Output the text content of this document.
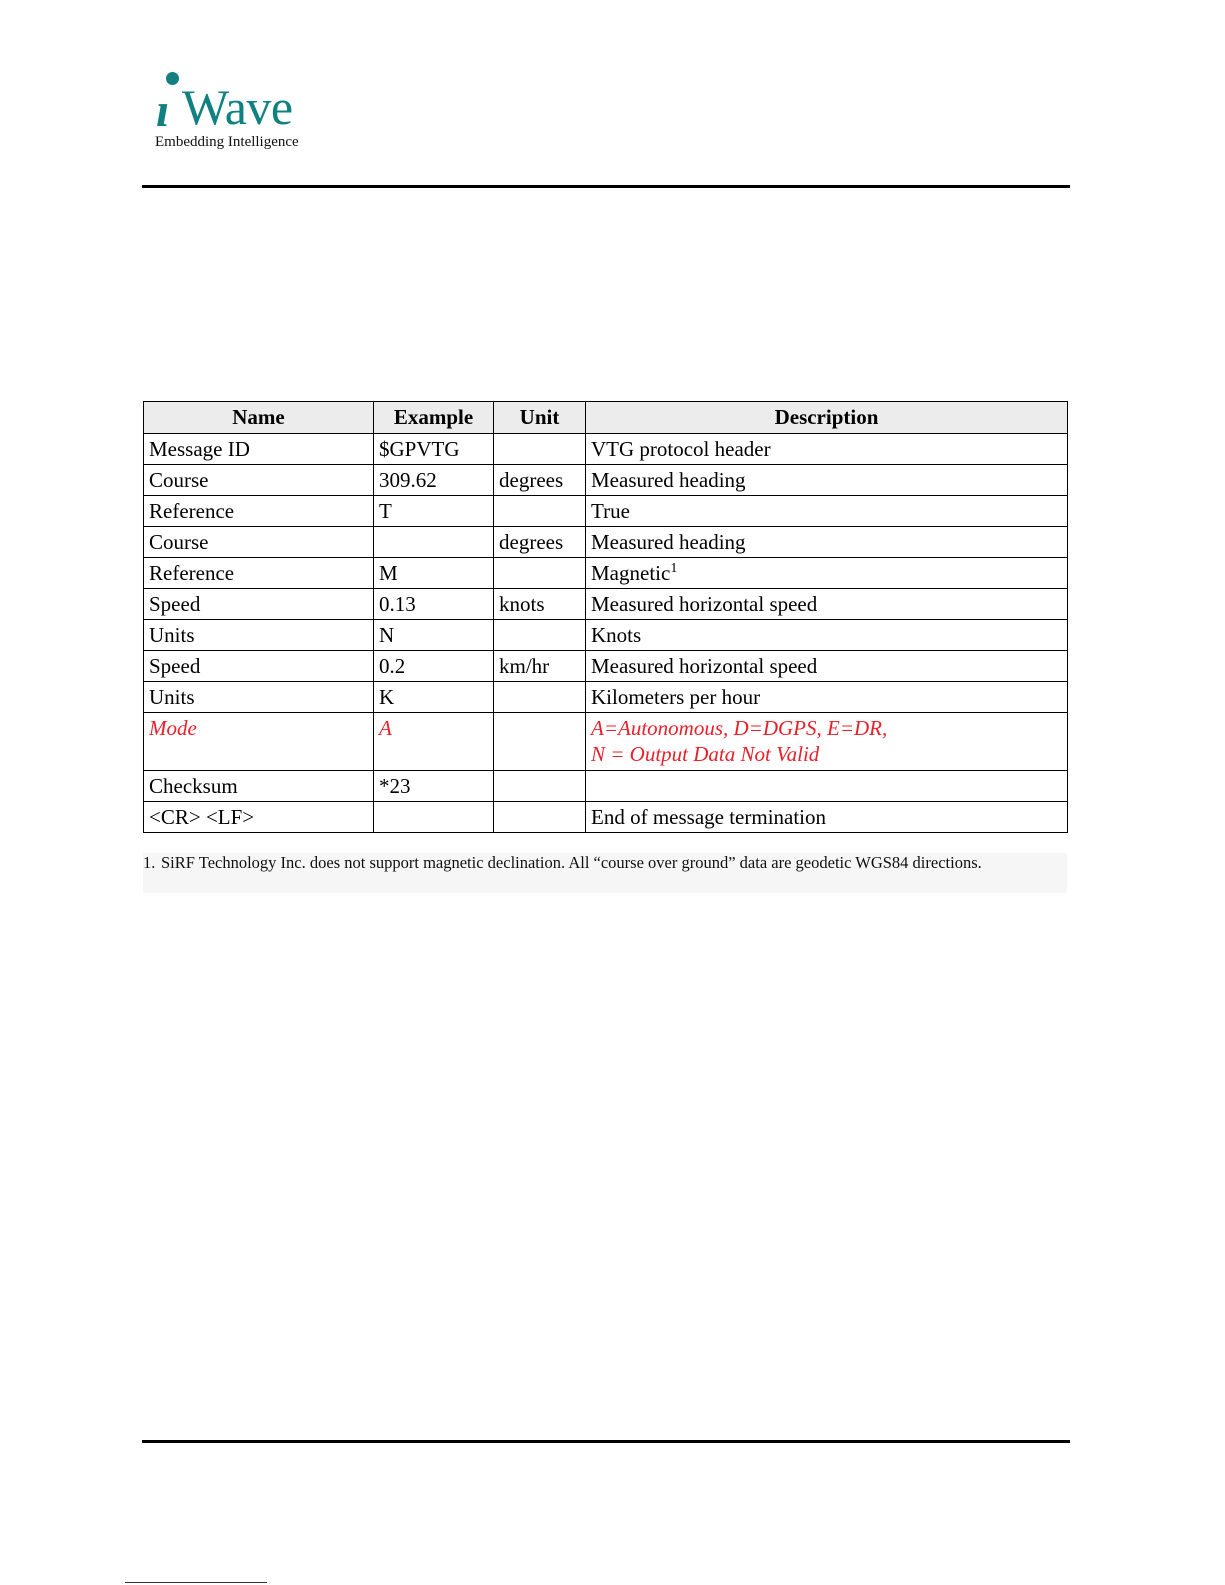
ı Wave
Embedding Intelligence
Name	Example	Unit	Description
Message ID	$GPVTG		VTG protocol header
Course	309.62	degrees	Measured heading
Reference	T		True
Course		degrees	Measured heading
Reference	M		Magnetic$^1$
Speed	0.13	knots	Measured horizontal speed
Units	N		Knots
Speed	0.2	km/hr	Measured horizontal speed
Units	K		Kilometers per hour
Mode	A		A=Autonomous, D=DGPS, E=DR,
N = Output Data Not Valid

Checksum	*23		
<CR> <LF>			End of message termination
1. SiRF Technology Inc. does not support magnetic declination. All “course over ground” data are geodetic WGS84 directions.
